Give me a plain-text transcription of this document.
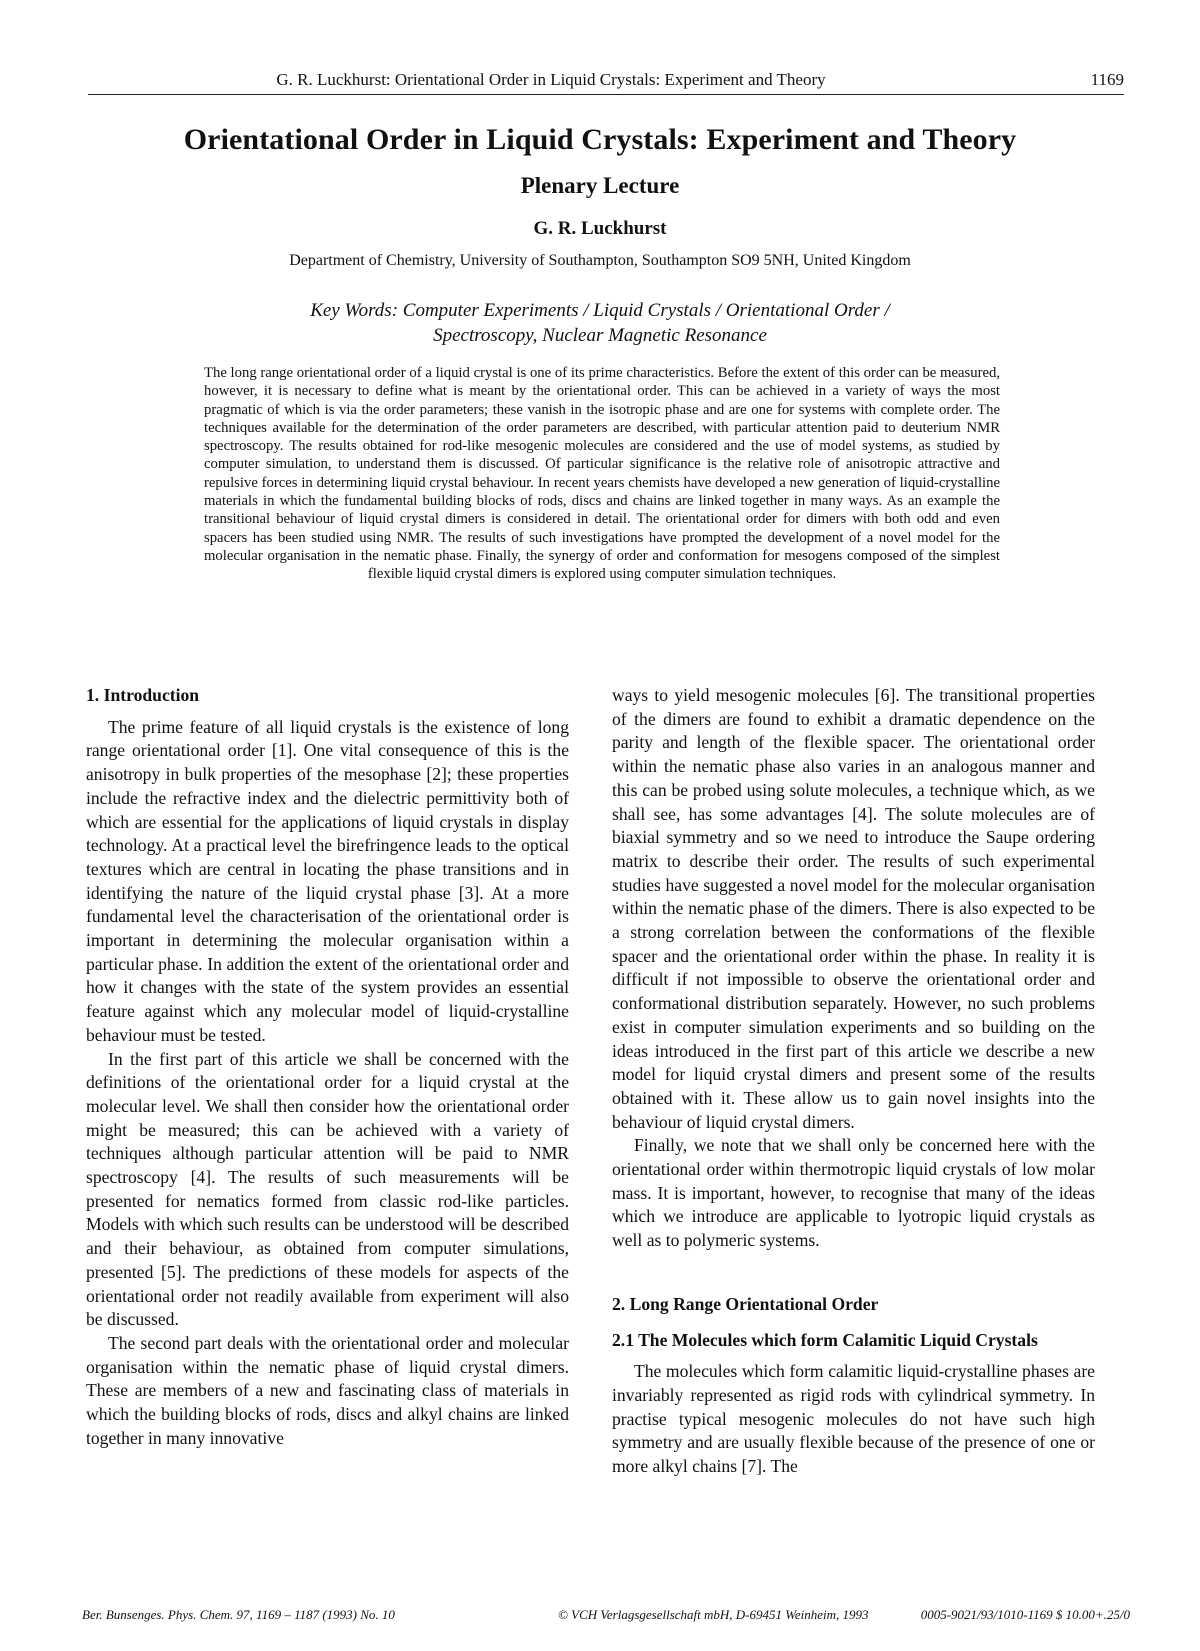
G. R. Luckhurst: Orientational Order in Liquid Crystals: Experiment and Theory	1169
Orientational Order in Liquid Crystals: Experiment and Theory
Plenary Lecture
G. R. Luckhurst
Department of Chemistry, University of Southampton, Southampton SO9 5NH, United Kingdom
Key Words: Computer Experiments / Liquid Crystals / Orientational Order /
Spectroscopy, Nuclear Magnetic Resonance
The long range orientational order of a liquid crystal is one of its prime characteristics. Before the extent of this order can be measured, however, it is necessary to define what is meant by the orientational order. This can be achieved in a variety of ways the most pragmatic of which is via the order parameters; these vanish in the isotropic phase and are one for systems with complete order. The techniques available for the determination of the order parameters are described, with particular attention paid to deuterium NMR spectroscopy. The results obtained for rod-like mesogenic molecules are considered and the use of model systems, as studied by computer simulation, to understand them is discussed. Of particular significance is the relative role of anisotropic attractive and repulsive forces in determining liquid crystal behaviour. In recent years chemists have developed a new generation of liquid-crystalline materials in which the fundamental building blocks of rods, discs and chains are linked together in many ways. As an example the transitional behaviour of liquid crystal dimers is considered in detail. The orientational order for dimers with both odd and even spacers has been studied using NMR. The results of such investigations have prompted the development of a novel model for the molecular organisation in the nematic phase. Finally, the synergy of order and conformation for mesogens composed of the simplest flexible liquid crystal dimers is explored using computer simulation techniques.
1. Introduction

The prime feature of all liquid crystals is the existence of long range orientational order [1]. One vital consequence of this is the anisotropy in bulk properties of the mesophase [2]; these properties include the refractive index and the dielectric permittivity both of which are essential for the applications of liquid crystals in display technology. At a practical level the birefringence leads to the optical textures which are central in locating the phase transitions and in identifying the nature of the liquid crystal phase [3]. At a more fundamental level the characterisation of the orientational order is important in determining the molecular organisation within a particular phase. In addition the extent of the orientational order and how it changes with the state of the system provides an essential feature against which any molecular model of liquid-crystalline behaviour must be tested.

In the first part of this article we shall be concerned with the definitions of the orientational order for a liquid crystal at the molecular level. We shall then consider how the orientational order might be measured; this can be achieved with a variety of techniques although particular attention will be paid to NMR spectroscopy [4]. The results of such measurements will be presented for nematics formed from classic rod-like particles. Models with which such results can be understood will be described and their behaviour, as obtained from computer simulations, presented [5]. The predictions of these models for aspects of the orientational order not readily available from experiment will also be discussed.

The second part deals with the orientational order and molecular organisation within the nematic phase of liquid crystal dimers. These are members of a new and fascinating class of materials in which the building blocks of rods, discs and alkyl chains are linked together in many innovative

ways to yield mesogenic molecules [6]. The transitional properties of the dimers are found to exhibit a dramatic dependence on the parity and length of the flexible spacer. The orientational order within the nematic phase also varies in an analogous manner and this can be probed using solute molecules, a technique which, as we shall see, has some advantages [4]. The solute molecules are of biaxial symmetry and so we need to introduce the Saupe ordering matrix to describe their order. The results of such experimental studies have suggested a novel model for the molecular organisation within the nematic phase of the dimers. There is also expected to be a strong correlation between the conformations of the flexible spacer and the orientational order within the phase. In reality it is difficult if not impossible to observe the orientational order and conformational distribution separately. However, no such problems exist in computer simulation experiments and so building on the ideas introduced in the first part of this article we describe a new model for liquid crystal dimers and present some of the results obtained with it. These allow us to gain novel insights into the behaviour of liquid crystal dimers.

Finally, we note that we shall only be concerned here with the orientational order within thermotropic liquid crystals of low molar mass. It is important, however, to recognise that many of the ideas which we introduce are applicable to lyotropic liquid crystals as well as to polymeric systems.

2. Long Range Orientational Order
2.1 The Molecules which form Calamitic Liquid Crystals

The molecules which form calamitic liquid-crystalline phases are invariably represented as rigid rods with cylindrical symmetry. In practise typical mesogenic molecules do not have such high symmetry and are usually flexible because of the presence of one or more alkyl chains [7]. The

Ber. Bunsenges. Phys. Chem. 97, 1169 – 1187 (1993) No. 10	© VCH Verlagsgesellschaft mbH, D-69451 Weinheim, 1993	0005-9021/93/1010-1169 $ 10.00+.25/0
